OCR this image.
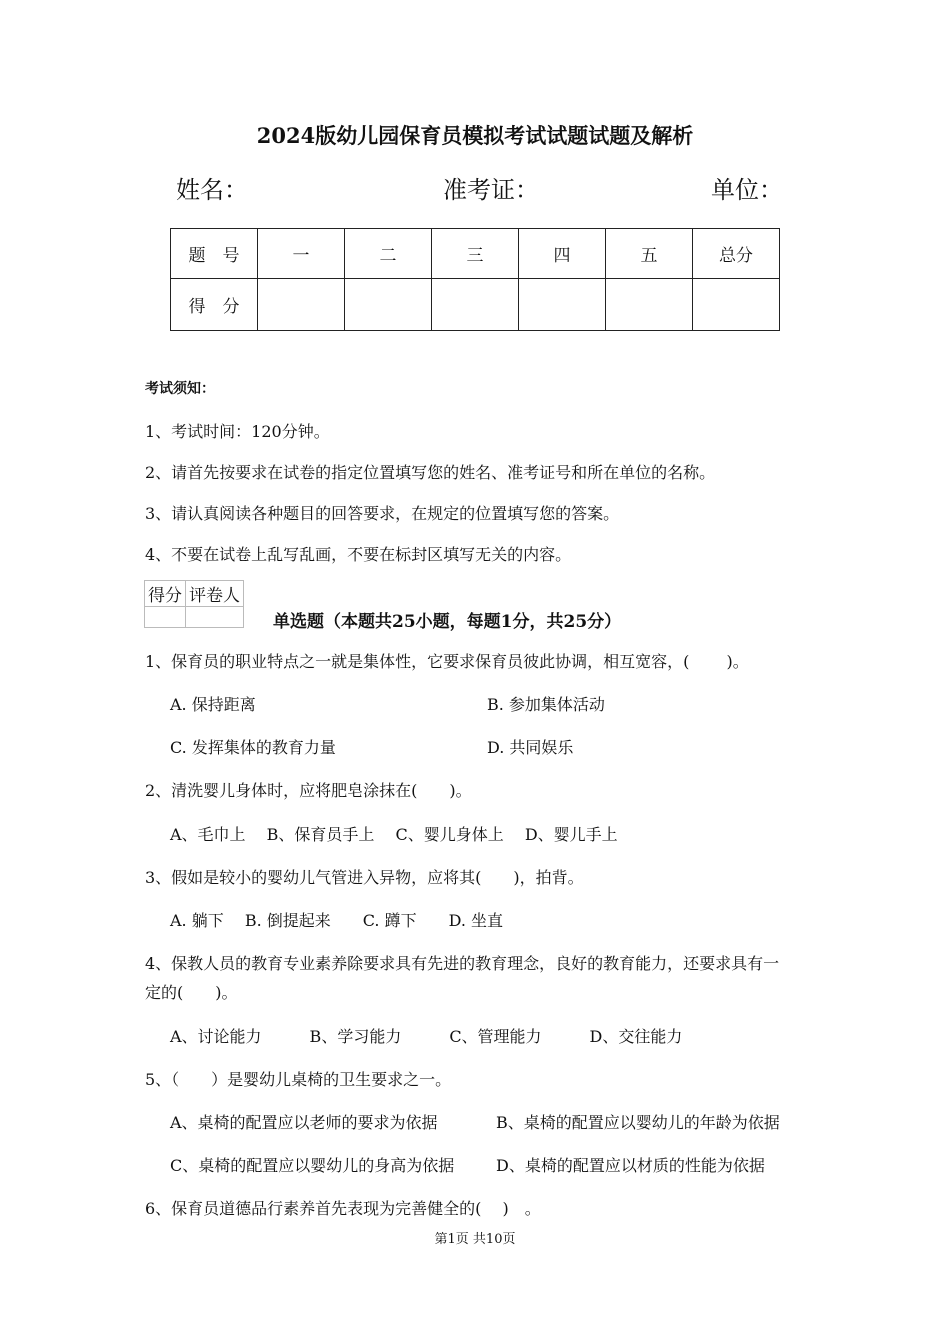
2024版幼儿园保育员模拟考试试题试题及解析
姓名：	准考证：	单位：
题　号	一	二	三	四	五	总分
得　分						
考试须知：
1、考试时间：120分钟。
2、请首先按要求在试卷的指定位置填写您的姓名、准考证号和所在单位的名称。
3、请认真阅读各种题目的回答要求，在规定的位置填写您的答案。
4、不要在试卷上乱写乱画，不要在标封区填写无关的内容。
得分	评卷人

单选题（本题共25小题，每题1分，共25分）
1、保育员的职业特点之一就是集体性，它要求保育员彼此协调，相互宽容，(　　 )。
A. 保持距离	B. 参加集体活动
C. 发挥集体的教育力量	D. 共同娱乐
2、清洗婴儿身体时，应将肥皂涂抹在(　　)。
A、毛巾上　 B、保育员手上　 C、婴儿身体上　 D、婴儿手上
3、假如是较小的婴幼儿气管进入异物，应将其(　　)，拍背。
A. 躺下　 B. 倒提起来　　C. 蹲下　　D. 坐直
4、保教人员的教育专业素养除要求具有先进的教育理念，良好的教育能力，还要求具有一
定的(　　)。
A、讨论能力　　　B、学习能力　　　C、管理能力　　　D、交往能力
5、（　　）是婴幼儿桌椅的卫生要求之一。
A、桌椅的配置应以老师的要求为依据	B、桌椅的配置应以婴幼儿的年龄为依据
C、桌椅的配置应以婴幼儿的身高为依据	D、桌椅的配置应以材质的性能为依据
6、保育员道德品行素养首先表现为完善健全的(　 )　。
第1页 共10页
